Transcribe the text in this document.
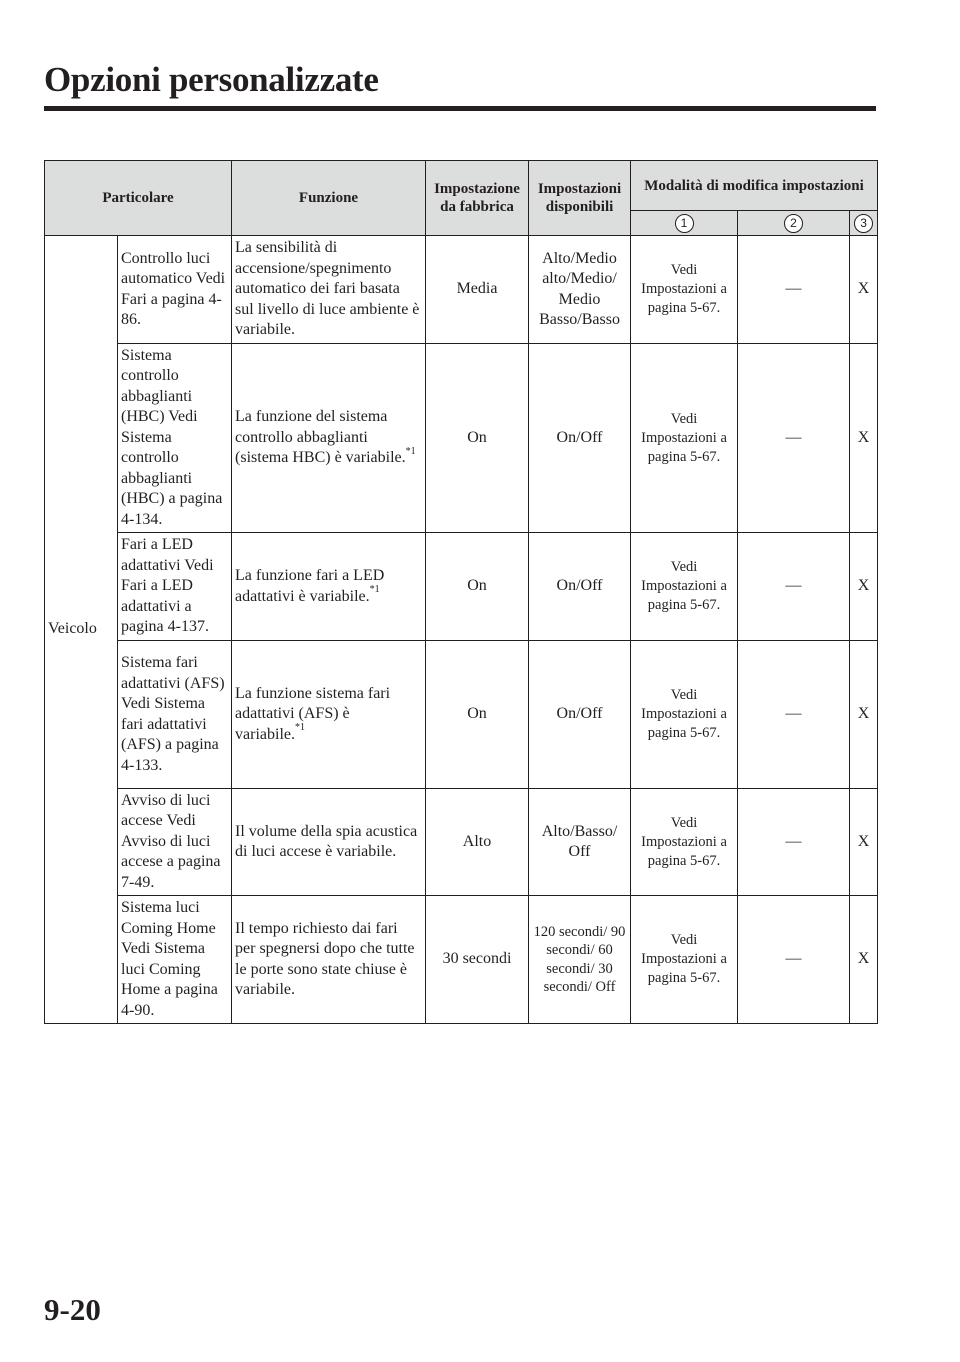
Opzioni personalizzate
Particolare		Funzione	Impostazione da fabbrica	Impostazioni disponibili	Modalità di modifica impostazioni		
					1	2	3
Veicolo	Controllo luci automatico Vedi Fari a pagina 4-86.	La sensibilità di accensione/spegnimento automatico dei fari basata sul livello di luce ambiente è variabile.	Media	Alto/Medio alto/Medio/ Medio Basso/Basso	Vedi Impostazioni a pagina 5-67.	—	X
	Sistema controllo abbaglianti (HBC) Vedi Sistema controllo abbaglianti (HBC) a pagina 4-134.	La funzione del sistema controllo abbaglianti (sistema HBC) è variabile.$^{*1}$	On	On/Off	Vedi Impostazioni a pagina 5-67.	—	X
	Fari a LED adattativi Vedi Fari a LED adattativi a pagina 4-137.	La funzione fari a LED adattativi è variabile.$^{*1}$	On	On/Off	Vedi Impostazioni a pagina 5-67.	—	X
	Sistema fari adattativi (AFS) Vedi Sistema fari adattativi (AFS) a pagina 4-133.	La funzione sistema fari adattativi (AFS) è variabile.$^{*1}$	On	On/Off	Vedi Impostazioni a pagina 5-67.	—	X
	Avviso di luci accese Vedi Avviso di luci accese a pagina 7-49.	Il volume della spia acustica di luci accese è variabile.	Alto	Alto/Basso/ Off	Vedi Impostazioni a pagina 5-67.	—	X
	Sistema luci Coming Home Vedi Sistema luci Coming Home a pagina 4-90.	Il tempo richiesto dai fari per spegnersi dopo che tutte le porte sono state chiuse è variabile.	30 secondi	120 secondi/ 90 secondi/ 60 secondi/ 30 secondi/ Off	Vedi Impostazioni a pagina 5-67.	—	X
9-20
